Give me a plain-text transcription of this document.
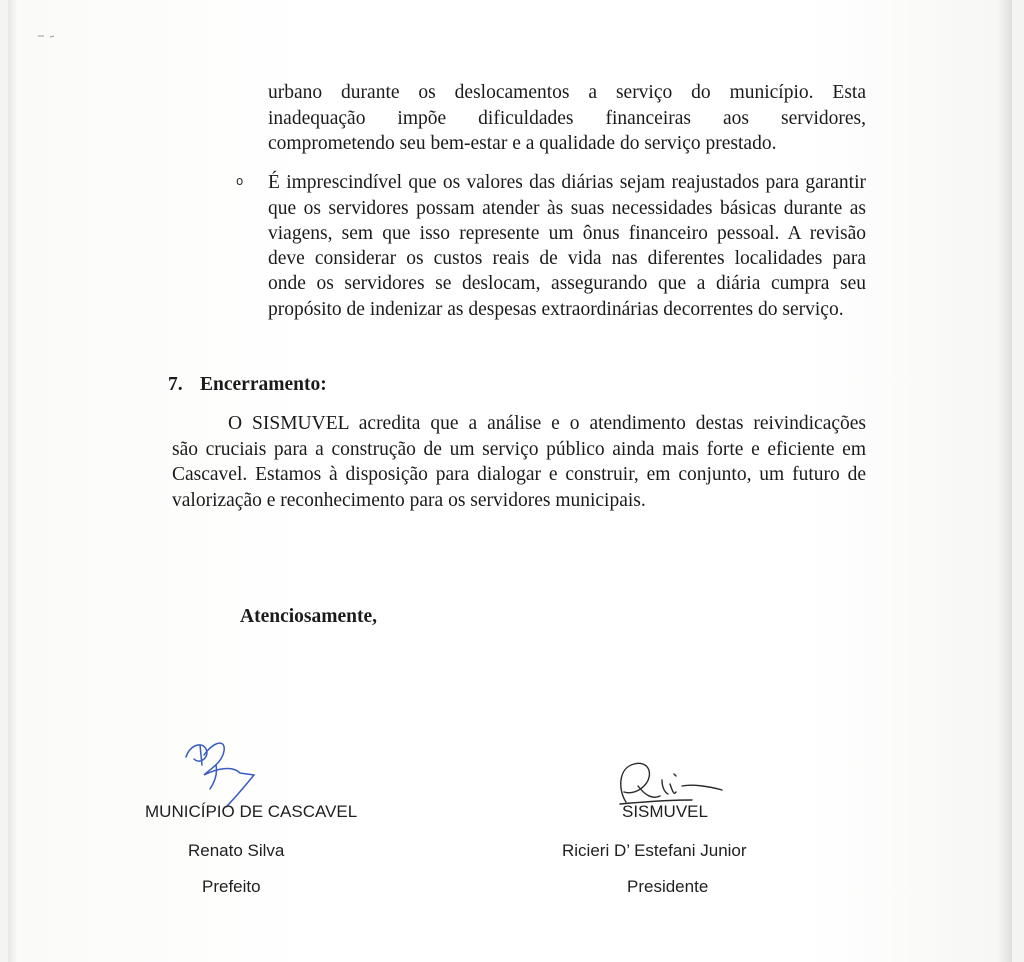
urbano durante os deslocamentos a serviço do município. Esta
inadequação impõe dificuldades financeiras aos servidores,
comprometendo seu bem-estar e a qualidade do serviço prestado.
o É imprescindível que os valores das diárias sejam reajustados para garantir
que os servidores possam atender às suas necessidades básicas durante as
viagens, sem que isso represente um ônus financeiro pessoal. A revisão
deve considerar os custos reais de vida nas diferentes localidades para
onde os servidores se deslocam, assegurando que a diária cumpra seu
propósito de indenizar as despesas extraordinárias decorrentes do serviço.
7. Encerramento:
O SISMUVEL acredita que a análise e o atendimento destas reivindicações
são cruciais para a construção de um serviço público ainda mais forte e eficiente em
Cascavel. Estamos à disposição para dialogar e construir, em conjunto, um futuro de
valorização e reconhecimento para os servidores municipais.
Atenciosamente,
MUNICÍPIO DE CASCAVEL
Renato Silva
Prefeito
SISMUVEL
Ricieri D’ Estefani Junior
Presidente
